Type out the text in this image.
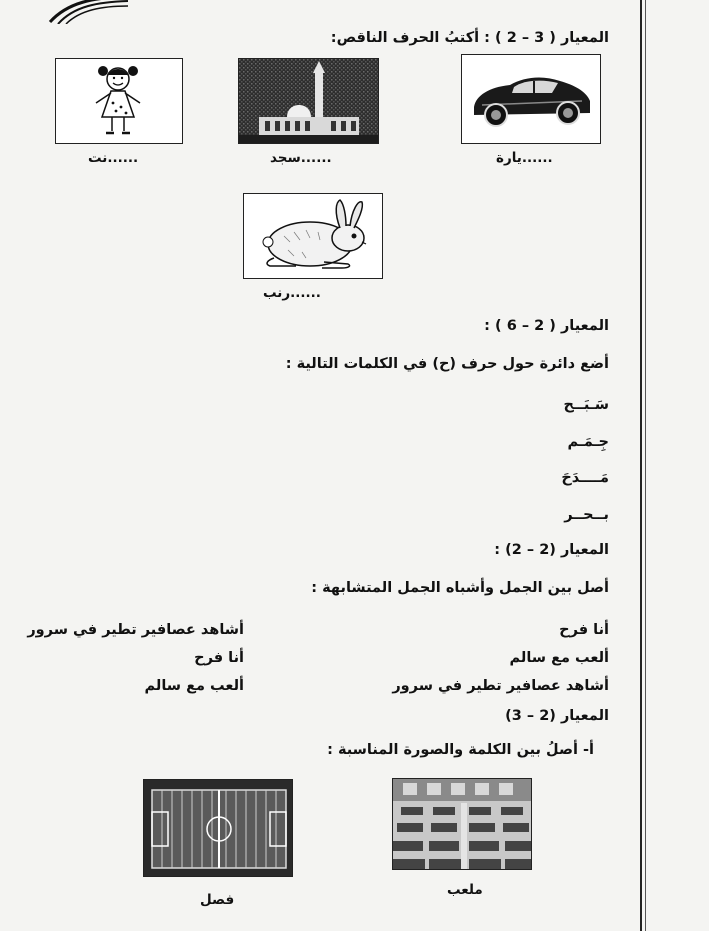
المعيار ( 3 – 2 ) : أكتبُ الحرف الناقص:
......يارة
......سجد
......نت
......رنب
المعيار ( 2 – 6 ) :
أضع دائرة حول حرف (ح) في الكلمات التالية :
سَـبَــح
جِـمَـم
مَــــدَحَ
بــحــر
المعيار (2 – 2) :
أصل بين الجمل وأشباه الجمل المتشابهة :
أنا فرح
ألعب مع سالم
أشاهد عصافير تطير في سرور
أشاهد عصافير تطير في سرور
أنا فرح
ألعب مع سالم
المعيار (2 – 3)
أ- أصلُ بين الكلمة والصورة المناسبة :
ملعب
فصل
